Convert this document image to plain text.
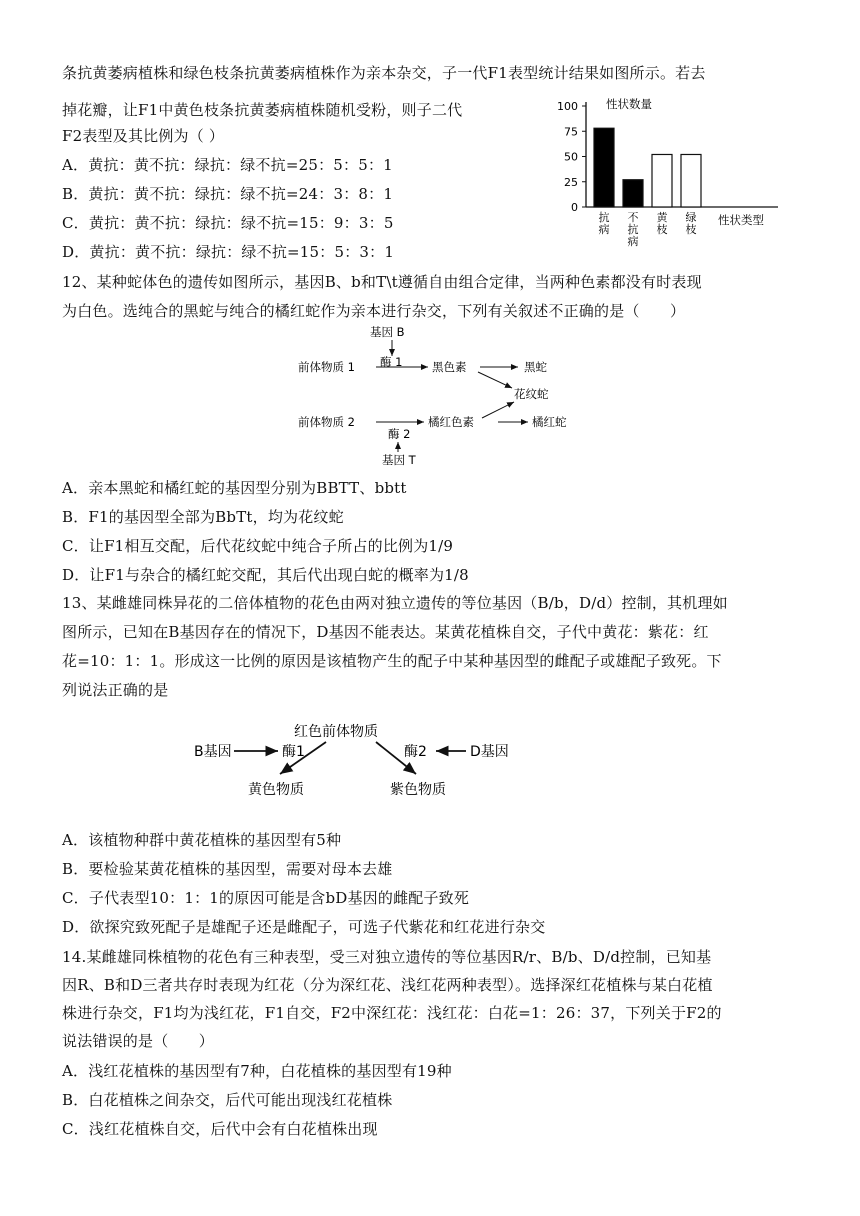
条抗黄萎病植株和绿色枝条抗黄萎病植株作为亲本杂交，子一代F1表型统计结果如图所示。若去
掉花瓣，让F1中黄色枝条抗黄萎病植株随机受粉，则子二代
F2表型及其比例为（ ）
A．黄抗：黄不抗：绿抗：绿不抗=25：5：5：1
B．黄抗：黄不抗：绿抗：绿不抗=24：3：8：1
C．黄抗：黄不抗：绿抗：绿不抗=15：9：3：5
D．黄抗：黄不抗：绿抗：绿不抗=15：5：3：1
100
75
50
25
0
性状数量
抗
病
不
抗
病
黄
枝
绿
枝
性状类型
12、某种蛇体色的遗传如图所示，基因B、b和T\t遵循自由组合定律，当两种色素都没有时表现
为白色。选纯合的黑蛇与纯合的橘红蛇作为亲本进行杂交，下列有关叙述不正确的是（　　）
基因 B
酶 1
前体物质 1	黑色素	黑蛇
花纹蛇
前体物质 2	橘红色素	橘红蛇
酶 2
基因 T
A．亲本黑蛇和橘红蛇的基因型分别为BBTT、bbtt
B．F1的基因型全部为BbTt，均为花纹蛇
C．让F1相互交配，后代花纹蛇中纯合子所占的比例为1/9
D．让F1与杂合的橘红蛇交配，其后代出现白蛇的概率为1/8
13、某雌雄同株异花的二倍体植物的花色由两对独立遗传的等位基因（B/b，D/d）控制，其机理如
图所示，已知在B基因存在的情况下，D基因不能表达。某黄花植株自交，子代中黄花：紫花：红
花=10：1：1。形成这一比例的原因是该植物产生的配子中某种基因型的雌配子或雄配子致死。下
列说法正确的是
红色前体物质
B基因	酶1	酶2	D基因
黄色物质	紫色物质
A．该植物种群中黄花植株的基因型有5种
B．要检验某黄花植株的基因型，需要对母本去雄
C．子代表型10：1：1的原因可能是含bD基因的雌配子致死
D．欲探究致死配子是雄配子还是雌配子，可选子代紫花和红花进行杂交
14.某雌雄同株植物的花色有三种表型，受三对独立遗传的等位基因R/r、B/b、D/d控制，已知基
因R、B和D三者共存时表现为红花（分为深红花、浅红花两种表型）。选择深红花植株与某白花植
株进行杂交，F1均为浅红花，F1自交，F2中深红花：浅红花：白花=1：26：37，下列关于F2的
说法错误的是（　　）
A．浅红花植株的基因型有7种，白花植株的基因型有19种
B．白花植株之间杂交，后代可能出现浅红花植株
C．浅红花植株自交，后代中会有白花植株出现
